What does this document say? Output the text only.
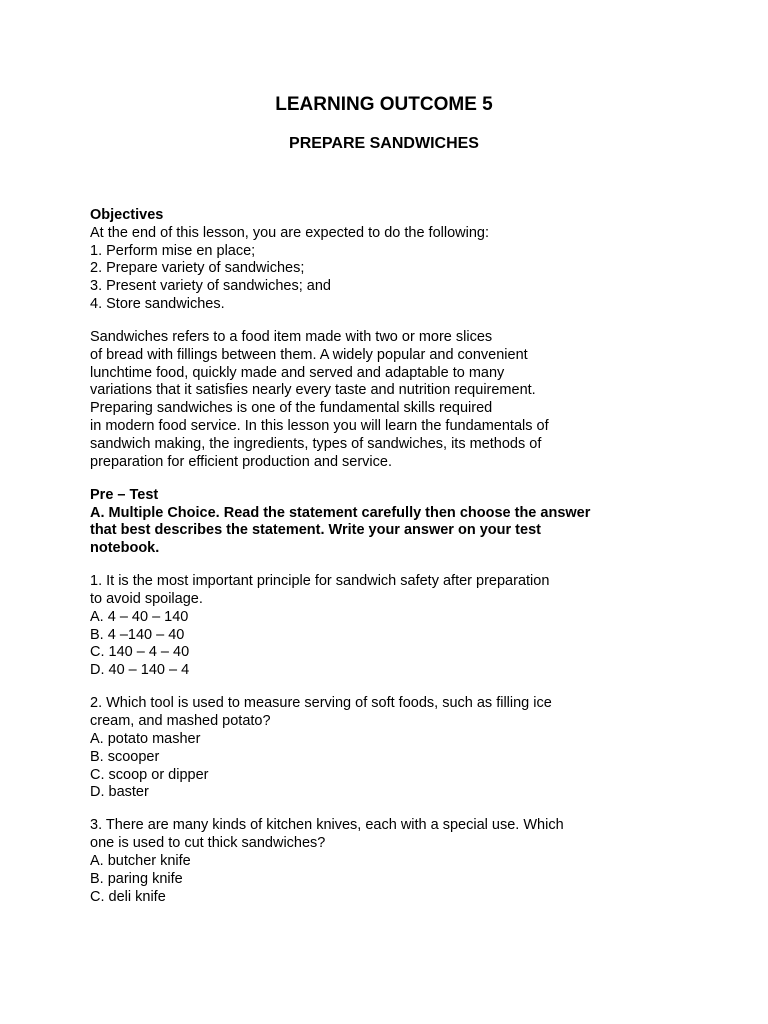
LEARNING OUTCOME 5
PREPARE SANDWICHES
Objectives
At the end of this lesson, you are expected to do the following:
1. Perform mise en place;
2. Prepare variety of sandwiches;
3. Present variety of sandwiches; and
4. Store sandwiches.
Sandwiches refers to a food item made with two or more slices
of bread with fillings between them. A widely popular and convenient
lunchtime food, quickly made and served and adaptable to many
variations that it satisfies nearly every taste and nutrition requirement.
Preparing sandwiches is one of the fundamental skills required
in modern food service. In this lesson you will learn the fundamentals of
sandwich making, the ingredients, types of sandwiches, its methods of
preparation for efficient production and service.
Pre – Test
A. Multiple Choice. Read the statement carefully then choose the answer
that best describes the statement. Write your answer on your test
notebook.
1. It is the most important principle for sandwich safety after preparation
to avoid spoilage.
A. 4 – 40 – 140
B. 4 –140 – 40
C. 140 – 4 – 40
D. 40 – 140 – 4
2. Which tool is used to measure serving of soft foods, such as filling ice
cream, and mashed potato?
A. potato masher
B. scooper
C. scoop or dipper
D. baster
3. There are many kinds of kitchen knives, each with a special use. Which
one is used to cut thick sandwiches?
A. butcher knife
B. paring knife
C. deli knife
